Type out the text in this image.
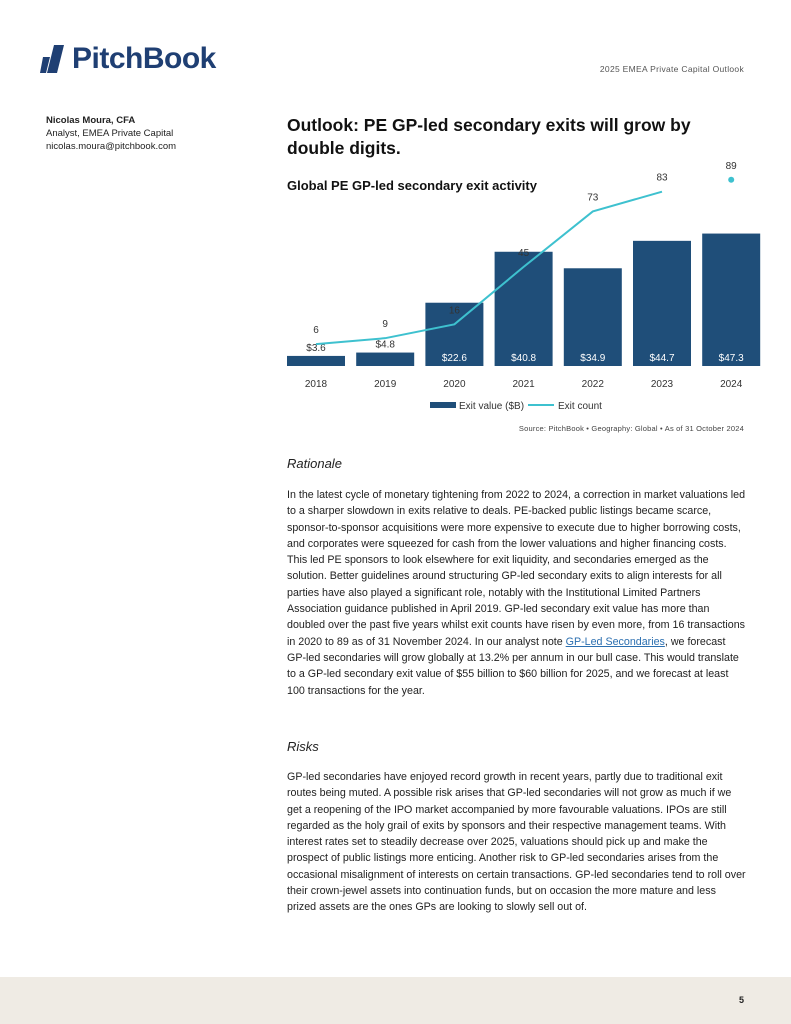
PitchBook	2025 EMEA Private Capital Outlook
Nicolas Moura, CFA
Analyst, EMEA Private Capital
nicolas.moura@pitchbook.com
Outlook: PE GP-led secondary exits will grow by double digits.
Global PE GP-led secondary exit activity
$3.6
2018
6
$4.8
2019
9
$22.6
2020
16
$40.8
2021
45
$34.9
2022
73
$44.7
2023
83
$47.3
2024
89
Exit value ($B)	Exit count
Source: PitchBook • Geography: Global • As of 31 October 2024
Rationale
In the latest cycle of monetary tightening from 2022 to 2024, a correction in market valuations led to a sharper slowdown in exits relative to deals. PE-backed public listings became scarce, sponsor-to-sponsor acquisitions were more expensive to execute due to higher borrowing costs, and corporates were squeezed for cash from the lower valuations and higher financing costs. This led PE sponsors to look elsewhere for exit liquidity, and secondaries emerged as the solution. Better guidelines around structuring GP-led secondary exits to align interests for all parties have also played a significant role, notably with the Institutional Limited Partners Association guidance published in April 2019. GP-led secondary exit value has more than doubled over the past five years whilst exit counts have risen by even more, from 16 transactions in 2020 to 89 as of 31 November 2024. In our analyst note GP-Led Secondaries, we forecast GP-led secondaries will grow globally at 13.2% per annum in our bull case. This would translate to a GP-led secondary exit value of $55 billion to $60 billion for 2025, and we forecast at least 100 transactions for the year.
Risks
GP-led secondaries have enjoyed record growth in recent years, partly due to traditional exit routes being muted. A possible risk arises that GP-led secondaries will not grow as much if we get a reopening of the IPO market accompanied by more favourable valuations. IPOs are still regarded as the holy grail of exits by sponsors and their respective management teams. With interest rates set to steadily decrease over 2025, valuations should pick up and make the prospect of public listings more enticing. Another risk to GP-led secondaries arises from the occasional misalignment of interests on certain transactions. GP-led secondaries tend to roll over their crown-jewel assets into continuation funds, but on occasion the more mature and less prized assets are the ones GPs are looking to slowly sell out of.
5
